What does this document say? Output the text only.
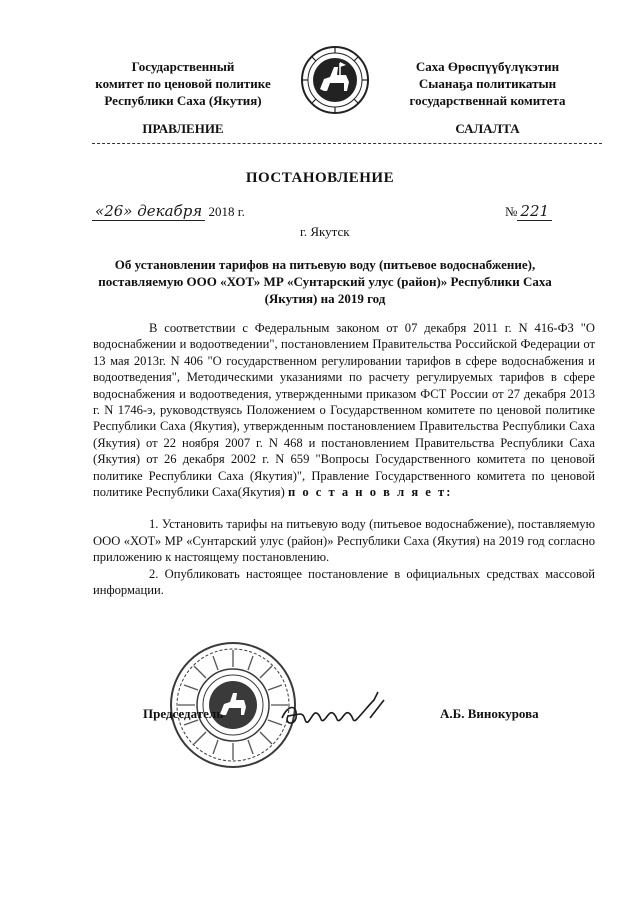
Государственный
комитет по ценовой политике
Республики Саха (Якутия)
Саха Өрөспүүбүлүкэтин
Сыанаҕа политикатын
государственнай комитета
ПРАВЛЕНИЕ	САЛАЛТА
ПОСТАНОВЛЕНИЕ
«26» декабря 2018 г.	№ 221
г. Якутск
Об установлении тарифов на питьевую воду (питьевое водоснабжение), поставляемую ООО «ХОТ» МР «Сунтарский улус (район)» Республики Саха (Якутия) на 2019 год

В соответствии с Федеральным законом от 07 декабря 2011 г. N 416-ФЗ "О водоснабжении и водоотведении", постановлением Правительства Российской Федерации от 13 мая 2013г. N 406 "О государственном регулировании тарифов в сфере водоснабжения и водоотведения", Методическими указаниями по расчету регулируемых тарифов в сфере водоснабжения и водоотведения, утвержденными приказом ФСТ России от 27 декабря 2013 г. N 1746-э, руководствуясь Положением о Государственном комитете по ценовой политике Республики Саха (Якутия), утвержденным постановлением Правительства Республики Саха (Якутия) от 22 ноября 2007 г. N 468 и постановлением Правительства Республики Саха (Якутия) от 26 декабря 2002 г. N 659 "Вопросы Государственного комитета по ценовой политике Республики Саха (Якутия)", Правление Государственного комитета по ценовой политике Республики Саха(Якутия) п о с т а н о в л я е т:

1. Установить тарифы на питьевую воду (питьевое водоснабжение), поставляемую ООО «ХОТ» МР «Сунтарский улус (район)» Республики Саха (Якутия) на 2019 год согласно приложению к настоящему постановлению.

2. Опубликовать настоящее постановление в официальных средствах массовой информации.

Председатель	А.Б. Винокурова
